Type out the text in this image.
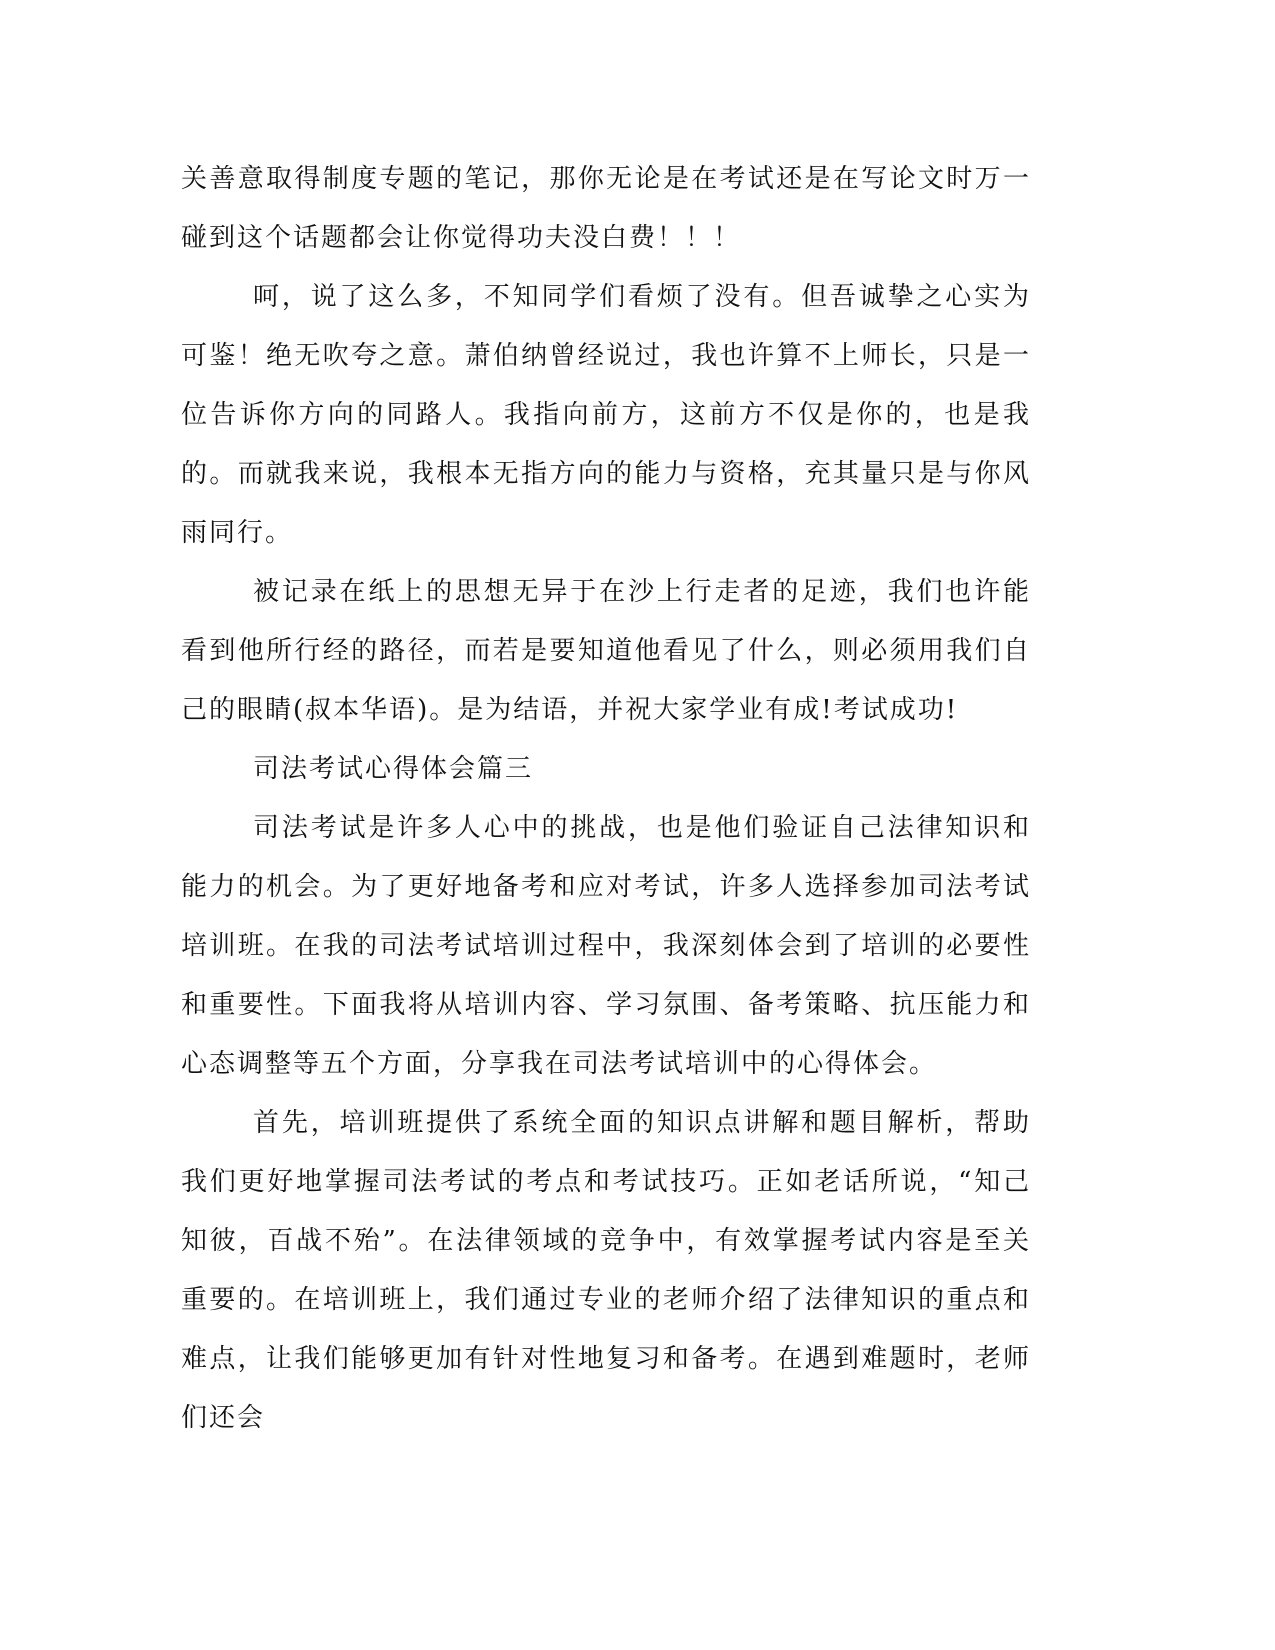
关善意取得制度专题的笔记，那你无论是在考试还是在写论文时万一碰到这个话题都会让你觉得功夫没白费！！！

呵，说了这么多，不知同学们看烦了没有。但吾诚挚之心实为可鉴！绝无吹夸之意。萧伯纳曾经说过，我也许算不上师长，只是一位告诉你方向的同路人。我指向前方，这前方不仅是你的，也是我的。而就我来说，我根本无指方向的能力与资格，充其量只是与你风雨同行。

被记录在纸上的思想无异于在沙上行走者的足迹，我们也许能看到他所行经的路径，而若是要知道他看见了什么，则必须用我们自己的眼睛(叔本华语)。是为结语，并祝大家学业有成!考试成功!

司法考试心得体会篇三

司法考试是许多人心中的挑战，也是他们验证自己法律知识和能力的机会。为了更好地备考和应对考试，许多人选择参加司法考试培训班。在我的司法考试培训过程中，我深刻体会到了培训的必要性和重要性。下面我将从培训内容、学习氛围、备考策略、抗压能力和心态调整等五个方面，分享我在司法考试培训中的心得体会。

首先，培训班提供了系统全面的知识点讲解和题目解析，帮助我们更好地掌握司法考试的考点和考试技巧。正如老话所说，“知己知彼，百战不殆”。在法律领域的竞争中，有效掌握考试内容是至关重要的。在培训班上，我们通过专业的老师介绍了法律知识的重点和难点，让我们能够更加有针对性地复习和备考。在遇到难题时，老师们还会
